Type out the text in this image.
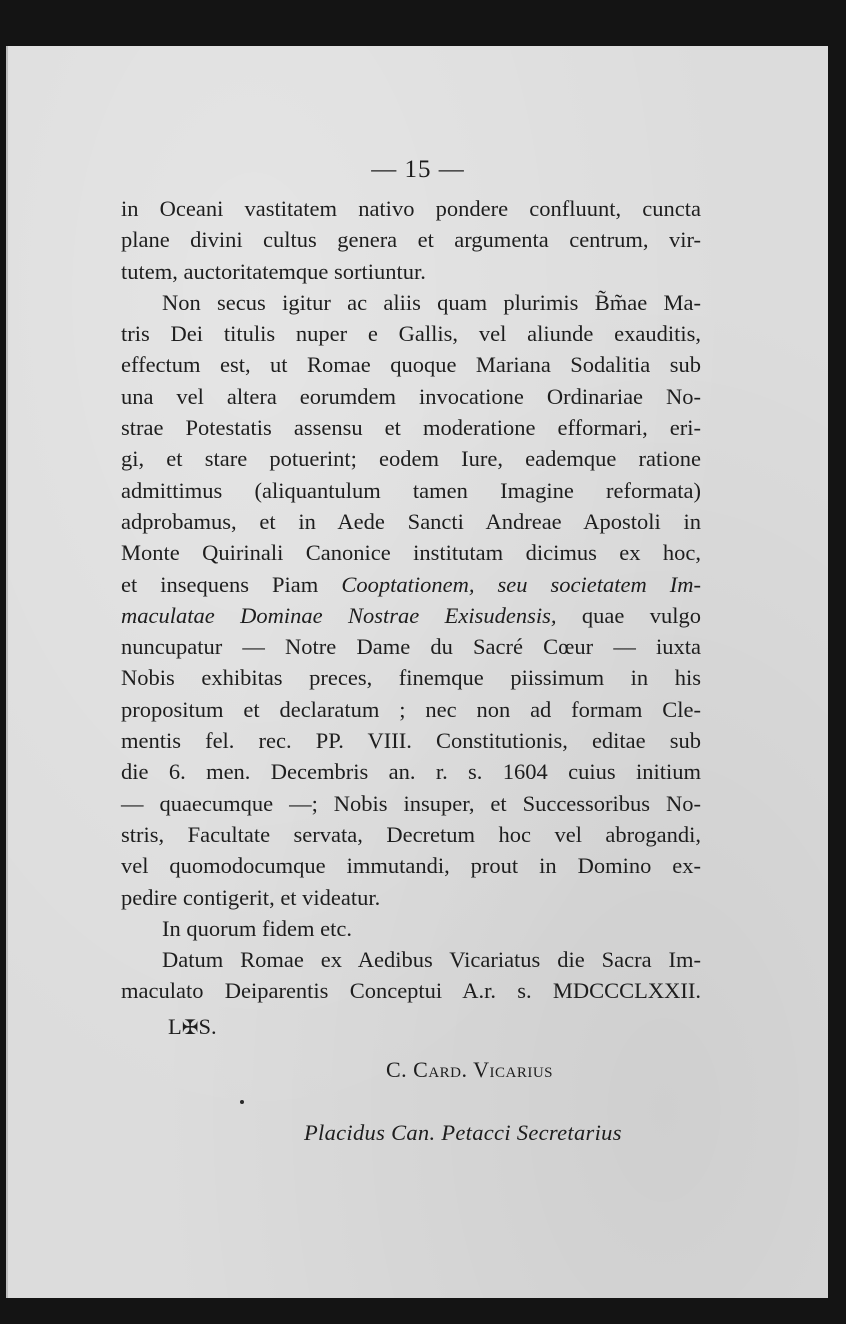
— 15 —
in Oceani vastitatem nativo pondere confluunt, cuncta
plane divini cultus genera et argumenta centrum, vir-
tutem, auctoritatemque sortiuntur.
Non secus igitur ac aliis quam plurimis B̃m̃ae Ma-
tris Dei titulis nuper e Gallis, vel aliunde exauditis,
effectum est, ut Romae quoque Mariana Sodalitia sub
una vel altera eorumdem invocatione Ordinariae No-
strae Potestatis assensu et moderatione efformari, eri-
gi, et stare potuerint; eodem Iure, eademque ratione
admittimus (aliquantulum tamen Imagine reformata)
adprobamus, et in Aede Sancti Andreae Apostoli in
Monte Quirinali Canonice institutam dicimus ex hoc,
et insequens Piam Cooptationem, seu societatem Im-
maculatae Dominae Nostrae Exisudensis, quae vulgo
nuncupatur — Notre Dame du Sacré Cœur — iuxta
Nobis exhibitas preces, finemque piissimum in his
propositum et declaratum ; nec non ad formam Cle-
mentis fel. rec. PP. VIII. Constitutionis, editae sub
die 6. men. Decembris an. r. s. 1604 cuius initium
— quaecumque —; Nobis insuper, et Successoribus No-
stris, Facultate servata, Decretum hoc vel abrogandi,
vel quomodocumque immutandi, prout in Domino ex-
pedire contigerit, et videatur.
In quorum fidem etc.
Datum Romae ex Aedibus Vicariatus die Sacra Im-
maculato Deiparentis Conceptui A.r. s. MDCCCLXXII.
L✠S.
C. Card. Vicarius
Placidus Can. Petacci Secretarius
